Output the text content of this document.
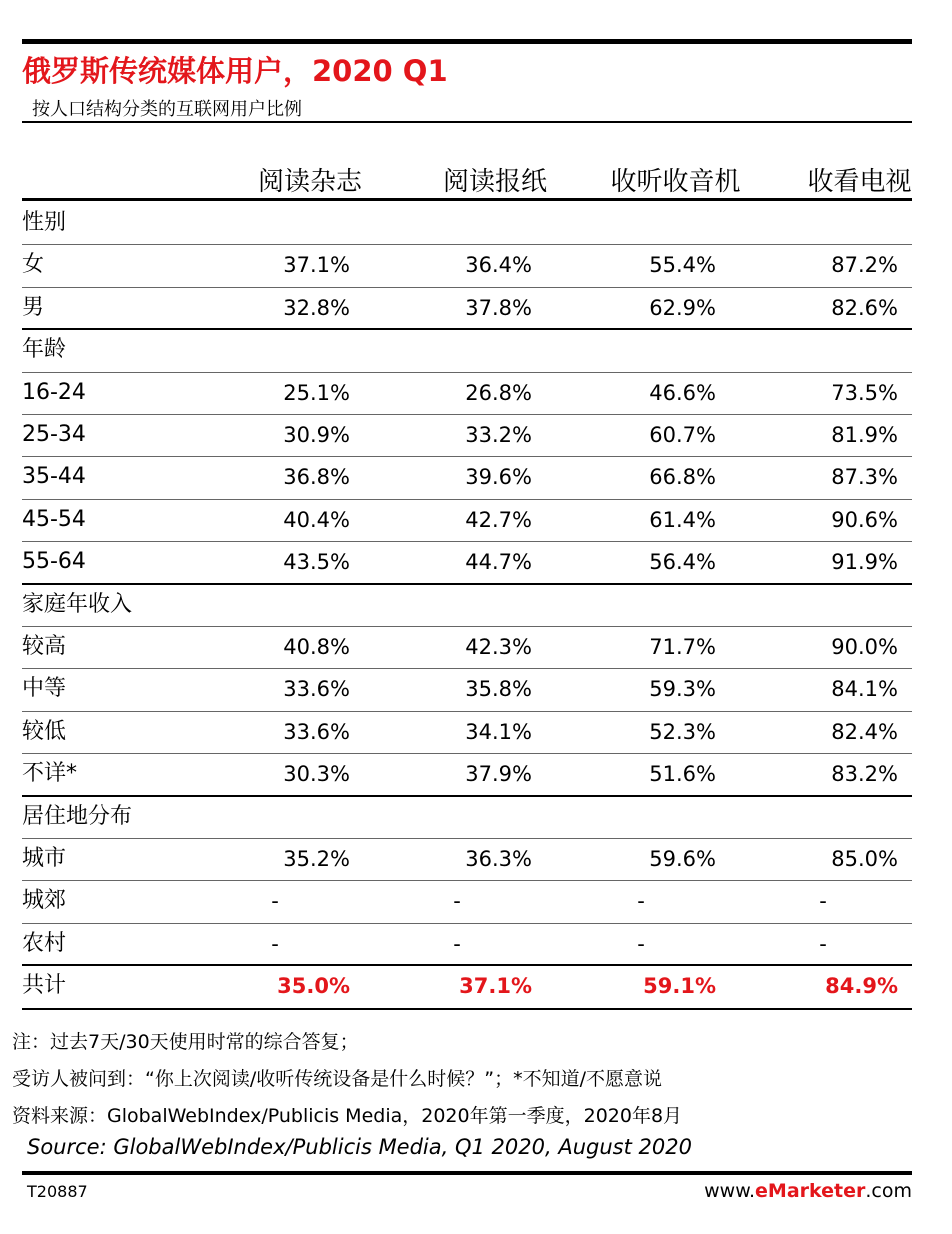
俄罗斯传统媒体用户，2020 Q1
按人口结构分类的互联网用户比例
阅读杂志	阅读报纸	收听收音机	收看电视
性别
女	37.1%	36.4%	55.4%	87.2%
男	32.8%	37.8%	62.9%	82.6%
年龄
16-24	25.1%	26.8%	46.6%	73.5%
25-34	30.9%	33.2%	60.7%	81.9%
35-44	36.8%	39.6%	66.8%	87.3%
45-54	40.4%	42.7%	61.4%	90.6%
55-64	43.5%	44.7%	56.4%	91.9%
家庭年收入
较高	40.8%	42.3%	71.7%	90.0%
中等	33.6%	35.8%	59.3%	84.1%
较低	33.6%	34.1%	52.3%	82.4%
不详*	30.3%	37.9%	51.6%	83.2%
居住地分布
城市	35.2%	36.3%	59.6%	85.0%
城郊	-	-	-	-
农村	-	-	-	-
共计	35.0%	37.1%	59.1%	84.9%
注：过去7天/30天使用时常的综合答复；
受访人被问到：“你上次阅读/收听传统设备是什么时候？”；*不知道/不愿意说
资料来源：GlobalWebIndex/Publicis Media，2020年第一季度，2020年8月
Source: GlobalWebIndex/Publicis Media, Q1 2020, August 2020
T20887	www.eMarketer.com
